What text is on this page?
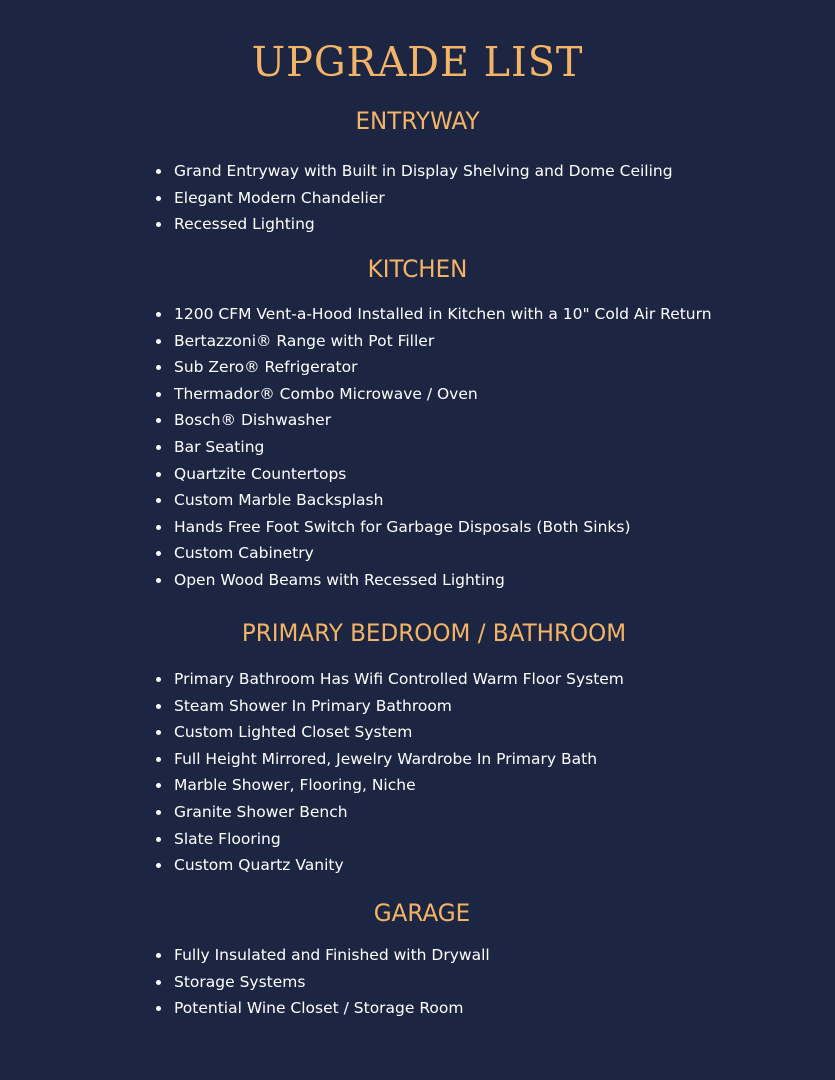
UPGRADE LIST
ENTRYWAY
Grand Entryway with Built in Display Shelving and Dome Ceiling
Elegant Modern Chandelier
Recessed Lighting
KITCHEN
1200 CFM Vent-a-Hood Installed in Kitchen with a 10" Cold Air Return
Bertazzoni® Range with Pot Filler
Sub Zero® Refrigerator
Thermador® Combo Microwave / Oven
Bosch® Dishwasher
Bar Seating
Quartzite Countertops
Custom Marble Backsplash
Hands Free Foot Switch for Garbage Disposals (Both Sinks)
Custom Cabinetry
Open Wood Beams with Recessed Lighting
PRIMARY BEDROOM / BATHROOM
Primary Bathroom Has Wifi Controlled Warm Floor System
Steam Shower In Primary Bathroom
Custom Lighted Closet System
Full Height Mirrored, Jewelry Wardrobe In Primary Bath
Marble Shower, Flooring, Niche
Granite Shower Bench
Slate Flooring
Custom Quartz Vanity
GARAGE
Fully Insulated and Finished with Drywall
Storage Systems
Potential Wine Closet / Storage Room
